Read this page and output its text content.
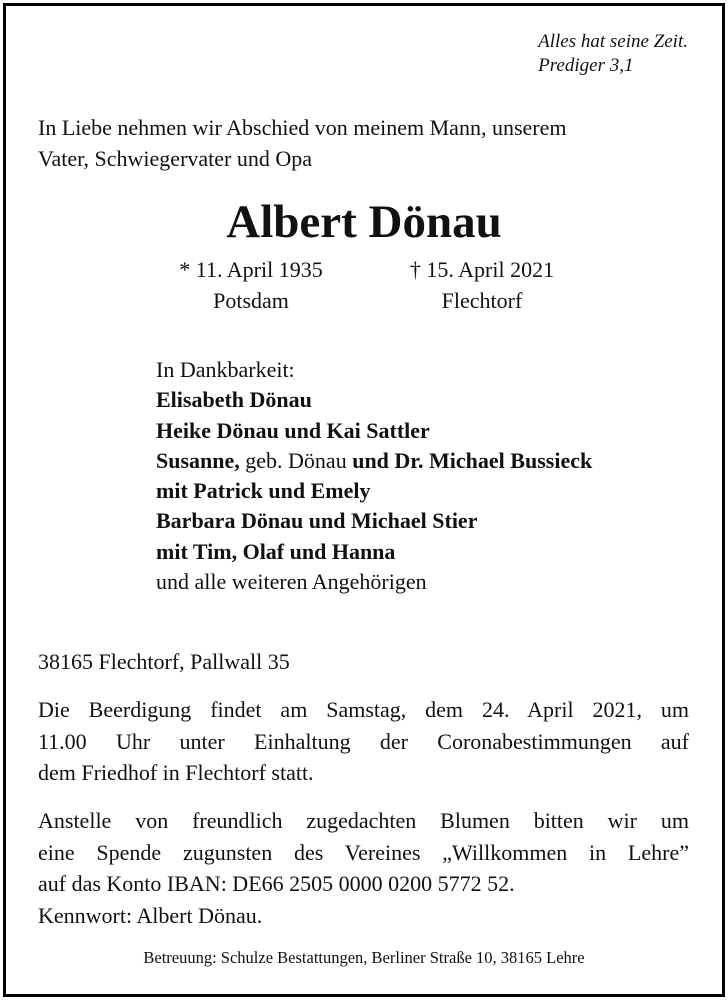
Alles hat seine Zeit.
Prediger 3,1
In Liebe nehmen wir Abschied von meinem Mann, unserem
Vater, Schwiegervater und Opa
Albert Dönau
* 11. April 1935
Potsdam
† 15. April 2021
Flechtorf
In Dankbarkeit:
Elisabeth Dönau
Heike Dönau und Kai Sattler
Susanne, geb. Dönau und Dr. Michael Bussieck
mit Patrick und Emely
Barbara Dönau und Michael Stier
mit Tim, Olaf und Hanna
und alle weiteren Angehörigen
38165 Flechtorf, Pallwall 35
Die Beerdigung findet am Samstag, dem 24. April 2021, um
11.00 Uhr unter Einhaltung der Coronabestimmungen auf
dem Friedhof in Flechtorf statt.
Anstelle von freundlich zugedachten Blumen bitten wir um
eine Spende zugunsten des Vereines „Willkommen in Lehre”
auf das Konto IBAN: DE66 2505 0000 0200 5772 52.
Kennwort: Albert Dönau.
Betreuung: Schulze Bestattungen, Berliner Straße 10, 38165 Lehre
